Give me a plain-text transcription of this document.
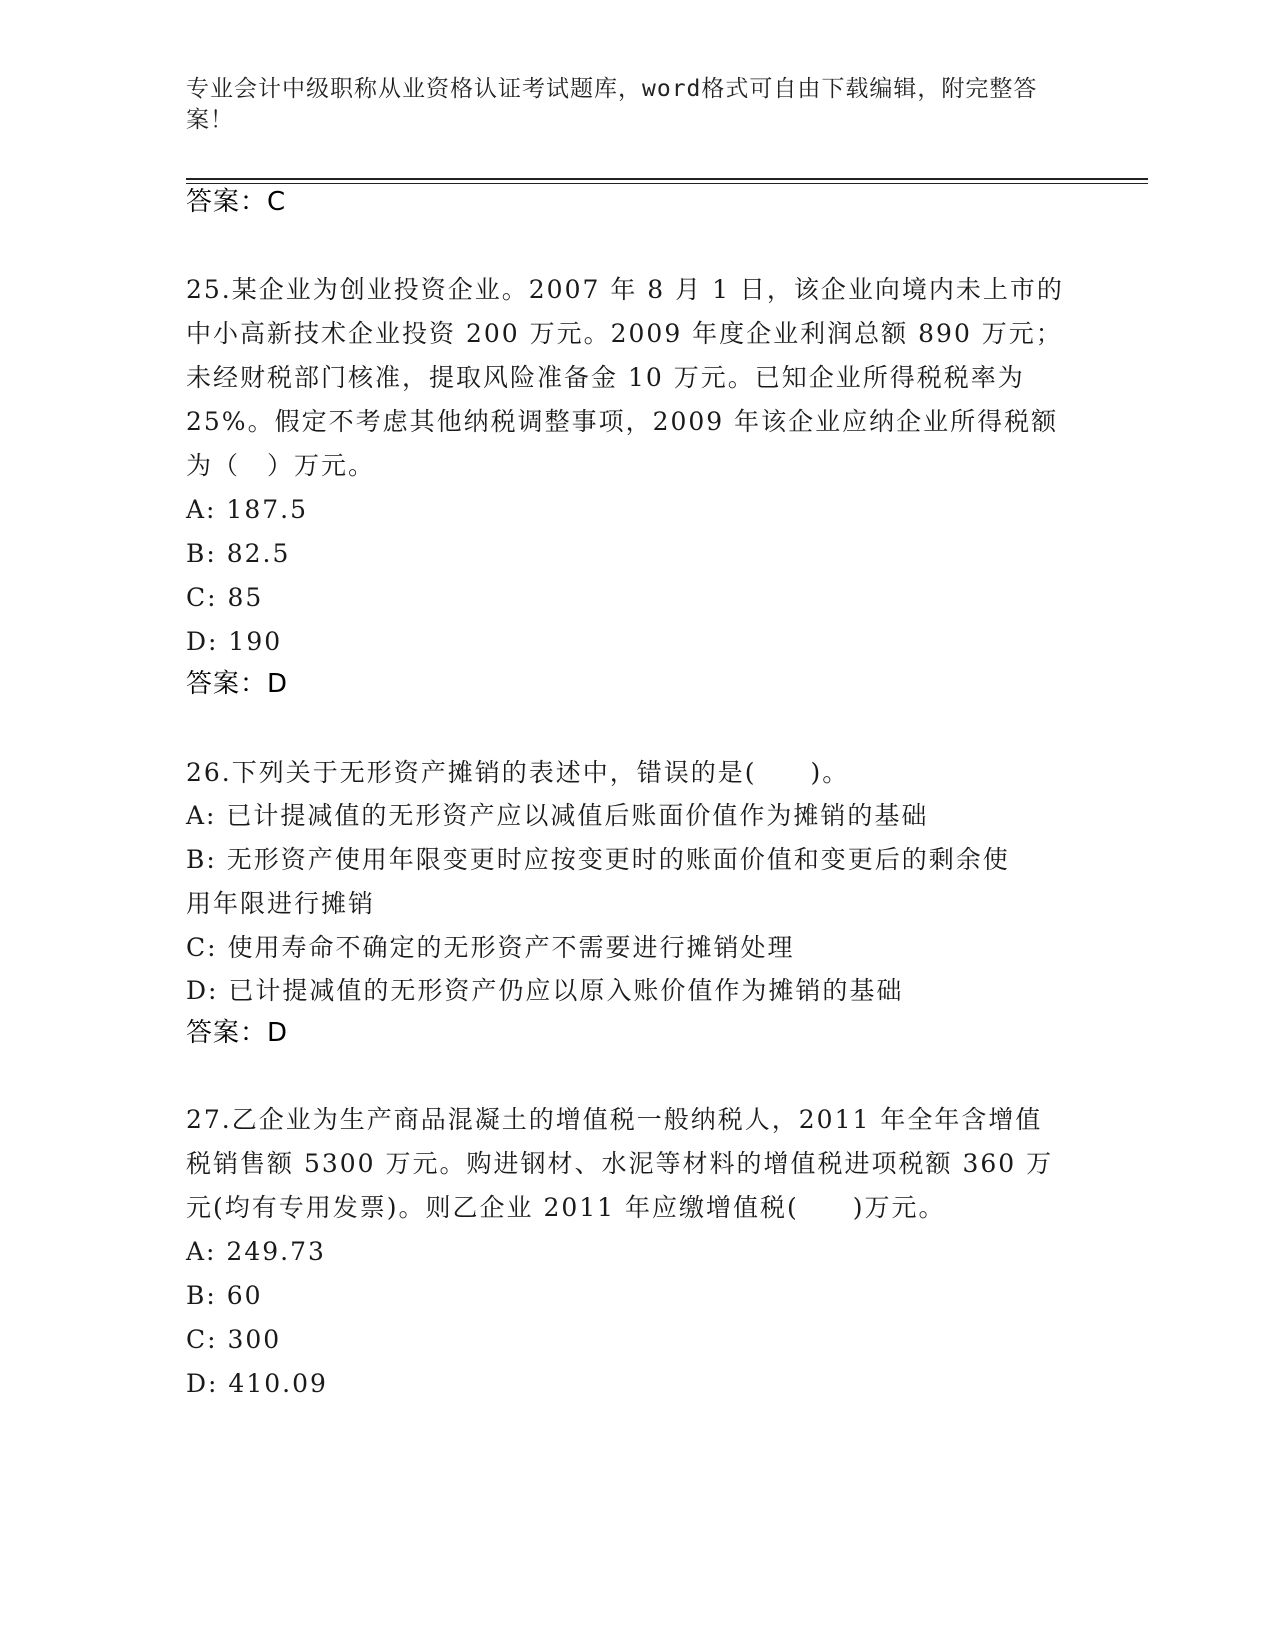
专业会计中级职称从业资格认证考试题库，word格式可自由下载编辑，附完整答
案！
答案：C
25.某企业为创业投资企业。2007 年 8 月 1 日，该企业向境内未上市的
中小高新技术企业投资 200 万元。2009 年度企业利润总额 890 万元；
未经财税部门核准，提取风险准备金 10 万元。已知企业所得税税率为
25%。假定不考虑其他纳税调整事项，2009 年该企业应纳企业所得税额
为（　）万元。
A: 187.5
B: 82.5
C: 85
D: 190
答案：D
26.下列关于无形资产摊销的表述中，错误的是(　　)。
A: 已计提减值的无形资产应以减值后账面价值作为摊销的基础
B: 无形资产使用年限变更时应按变更时的账面价值和变更后的剩余使
用年限进行摊销
C: 使用寿命不确定的无形资产不需要进行摊销处理
D: 已计提减值的无形资产仍应以原入账价值作为摊销的基础
答案：D
27.乙企业为生产商品混凝土的增值税一般纳税人，2011 年全年含增值
税销售额 5300 万元。购进钢材、水泥等材料的增值税进项税额 360 万
元(均有专用发票)。则乙企业 2011 年应缴增值税(　　)万元。
A: 249.73
B: 60
C: 300
D: 410.09
